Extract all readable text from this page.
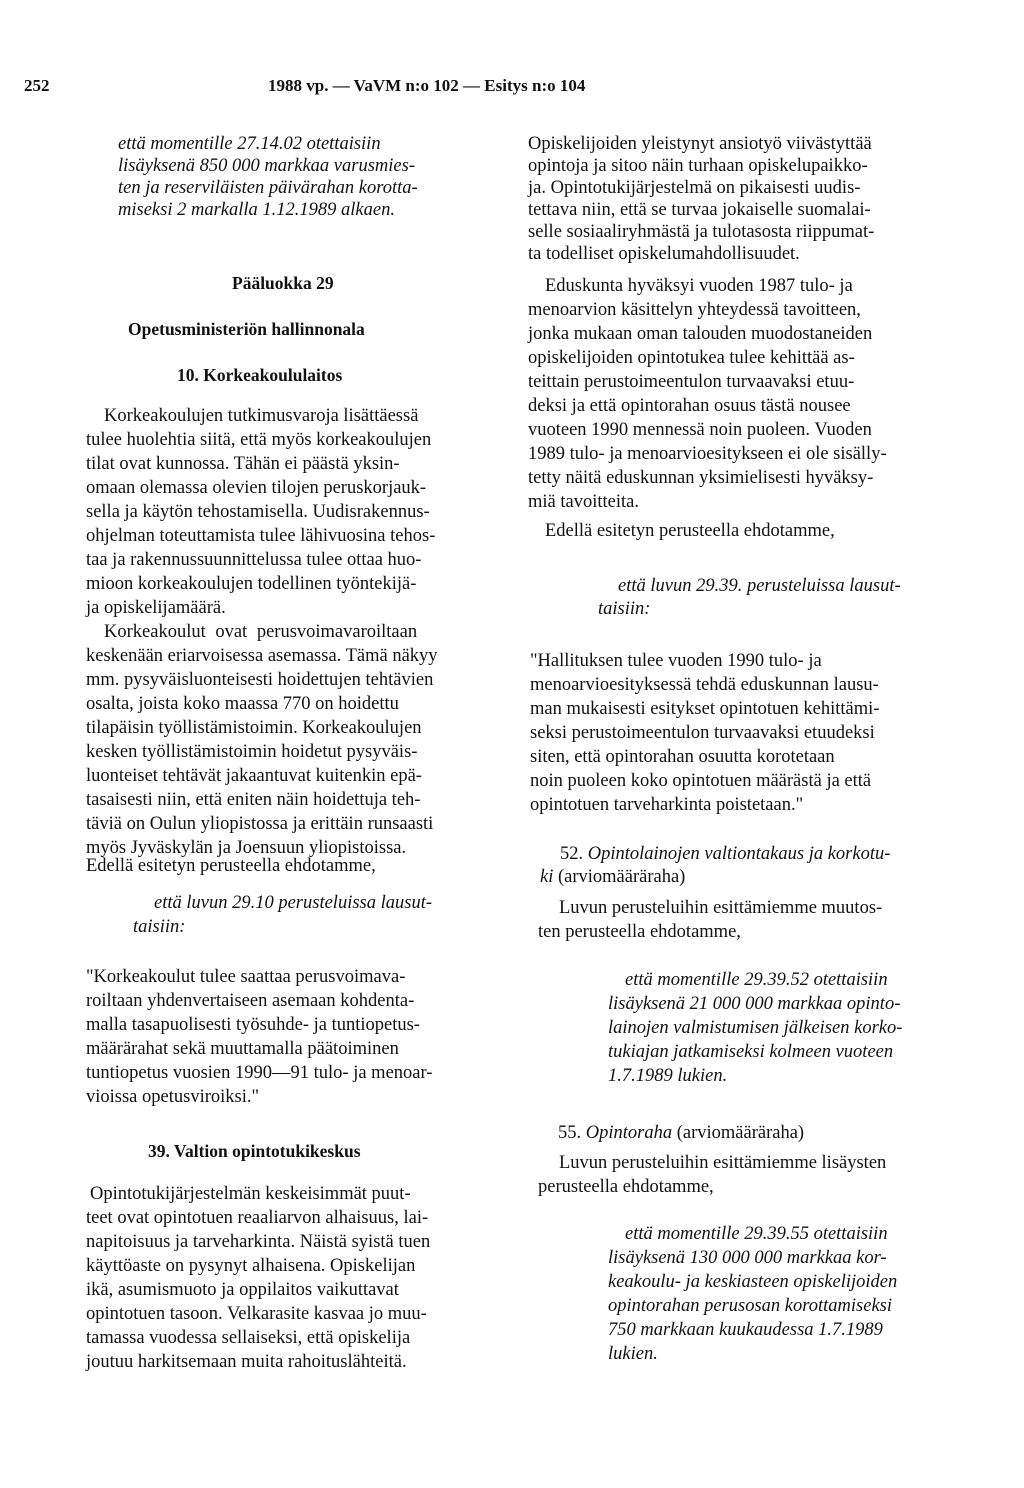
252	1988 vp. — VaVM n:o 102 — Esitys n:o 104
että momentille 27.14.02 otettaisiin
lisäyksenä 850 000 markkaa varusmies-
ten ja reserviläisten päivärahan korotta-
miseksi 2 markalla 1.12.1989 alkaen.
Pääluokka 29
Opetusministeriön hallinnonala
10. Korkeakoululaitos
Korkeakoulujen tutkimusvaroja lisättäessä
tulee huolehtia siitä, että myös korkeakoulujen
tilat ovat kunnossa. Tähän ei päästä yksin-
omaan olemassa olevien tilojen peruskorjauk-
sella ja käytön tehostamisella. Uudisrakennus-
ohjelman toteuttamista tulee lähivuosina tehos-
taa ja rakennussuunnittelussa tulee ottaa huo-
mioon korkeakoulujen todellinen työntekijä-
ja opiskelijamäärä.
Korkeakoulut ovat perusvoimavaroiltaan
keskenään eriarvoisessa asemassa. Tämä näkyy
mm. pysyväisluonteisesti hoidettujen tehtävien
osalta, joista koko maassa 770 on hoidettu
tilapäisin työllistämistoimin. Korkeakoulujen
kesken työllistämistoimin hoidetut pysyväis-
luonteiset tehtävät jakaantuvat kuitenkin epä-
tasaisesti niin, että eniten näin hoidettuja teh-
täviä on Oulun yliopistossa ja erittäin runsaasti
myös Jyväskylän ja Joensuun yliopistoissa.
Edellä esitetyn perusteella ehdotamme,
että luvun 29.10 perusteluissa lausut-
taisiin:
"Korkeakoulut tulee saattaa perusvoimava-
roiltaan yhdenvertaiseen asemaan kohdenta-
malla tasapuolisesti työsuhde- ja tuntiopetus-
määrärahat sekä muuttamalla päätoiminen
tuntiopetus vuosien 1990—91 tulo- ja menoar-
vioissa opetusviroiksi."
39. Valtion opintotukikeskus
Opintotukijärjestelmän keskeisimmät puut-
teet ovat opintotuen reaaliarvon alhaisuus, lai-
napitoisuus ja tarveharkinta. Näistä syistä tuen
käyttöaste on pysynyt alhaisena. Opiskelijan
ikä, asumismuoto ja oppilaitos vaikuttavat
opintotuen tasoon. Velkarasite kasvaa jo muu-
tamassa vuodessa sellaiseksi, että opiskelija
joutuu harkitsemaan muita rahoituslähteitä.
Opiskelijoiden yleistynyt ansiotyö viivästyttää
opintoja ja sitoo näin turhaan opiskelupaikko-
ja. Opintotukijärjestelmä on pikaisesti uudis-
tettava niin, että se turvaa jokaiselle suomalai-
selle sosiaaliryhmästä ja tulotasosta riippumat-
ta todelliset opiskelumahdollisuudet.
Eduskunta hyväksyi vuoden 1987 tulo- ja
menoarvion käsittelyn yhteydessä tavoitteen,
jonka mukaan oman talouden muodostaneiden
opiskelijoiden opintotukea tulee kehittää as-
teittain perustoimeentulon turvaavaksi etuu-
deksi ja että opintorahan osuus tästä nousee
vuoteen 1990 mennessä noin puoleen. Vuoden
1989 tulo- ja menoarvioesitykseen ei ole sisälly-
tetty näitä eduskunnan yksimielisesti hyväksy-
miä tavoitteita.
Edellä esitetyn perusteella ehdotamme,
että luvun 29.39. perusteluissa lausut-
taisiin:
"Hallituksen tulee vuoden 1990 tulo- ja
menoarvioesityksessä tehdä eduskunnan lausu-
man mukaisesti esitykset opintotuen kehittämi-
seksi perustoimeentulon turvaavaksi etuudeksi
siten, että opintorahan osuutta korotetaan
noin puoleen koko opintotuen määrästä ja että
opintotuen tarveharkinta poistetaan."
52. Opintolainojen valtiontakaus ja korkotu-
ki (arviomääräraha)
Luvun perusteluihin esittämiemme muutos-
ten perusteella ehdotamme,
että momentille 29.39.52 otettaisiin
lisäyksenä 21 000 000 markkaa opinto-
lainojen valmistumisen jälkeisen korko-
tukiajan jatkamiseksi kolmeen vuoteen
1.7.1989 lukien.
55. Opintoraha (arviomääräraha)
Luvun perusteluihin esittämiemme lisäysten
perusteella ehdotamme,
että momentille 29.39.55 otettaisiin
lisäyksenä 130 000 000 markkaa kor-
keakoulu- ja keskiasteen opiskelijoiden
opintorahan perusosan korottamiseksi
750 markkaan kuukaudessa 1.7.1989
lukien.
